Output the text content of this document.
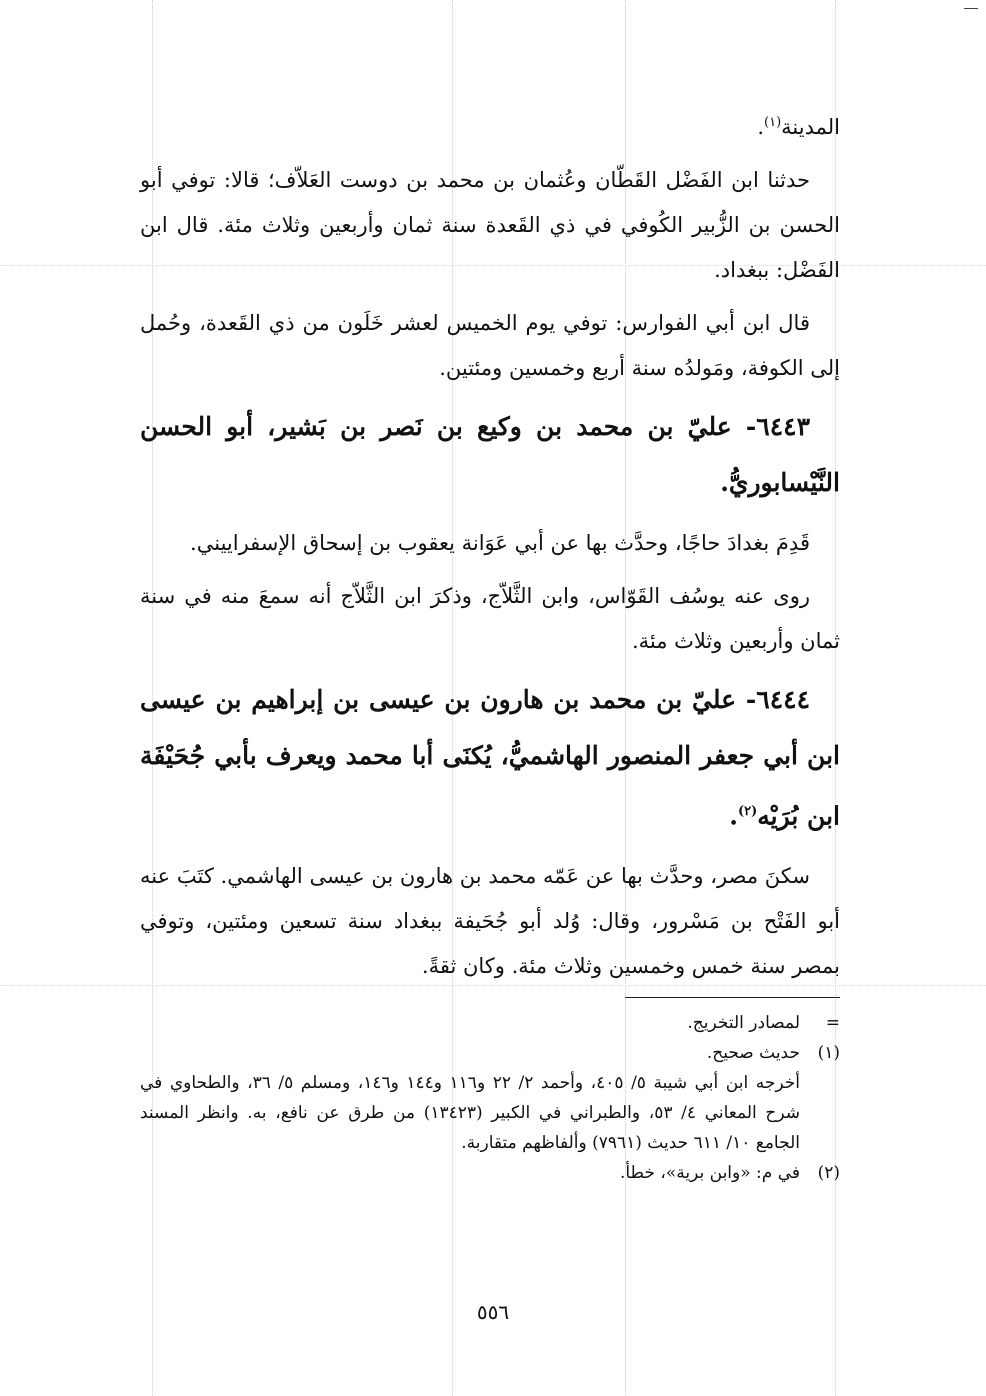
المدينة$^{(١)}$.

حدثنا ابن الفَضْل القَطّان وعُثمان بن محمد بن دوست العَلاّف؛ قالا: توفي أبو الحسن بن الزُّبير الكُوفي في ذي القَعدة سنة ثمان وأربعين وثلاث مئة. قال ابن الفَضْل: ببغداد.

قال ابن أبي الفوارس: توفي يوم الخميس لعشر خَلَون من ذي القَعدة، وحُمل إلى الكوفة، ومَولدُه سنة أربع وخمسين ومئتين.

٦٤٤٣- عليّ بن محمد بن وكيع بن نَصر بن بَشير، أبو الحسن النَّيْسابوريُّ.

قَدِمَ بغدادَ حاجًا، وحدَّث بها عن أبي عَوَانة يعقوب بن إسحاق الإسفراييني.

روى عنه يوسُف القَوّاس، وابن الثَّلاّج، وذكرَ ابن الثَّلاّج أنه سمعَ منه في سنة ثمان وأربعين وثلاث مئة.

٦٤٤٤- عليّ بن محمد بن هارون بن عيسى بن إبراهيم بن عيسى ابن أبي جعفر المنصور الهاشميُّ، يُكنَى أبا محمد ويعرف بأبي جُحَيْفَة ابن بُرَيْه$^{(٢)}$.

سكنَ مصر، وحدَّث بها عن عَمّه محمد بن هارون بن عيسى الهاشمي. كتَبَ عنه أبو الفَتْح بن مَسْرور، وقال: وُلد أبو جُحَيفة ببغداد سنة تسعين ومئتين، وتوفي بمصر سنة خمس وخمسين وثلاث مئة. وكان ثقةً.

=
لمصادر التخريج.
(١)
حديث صحيح.

أخرجه ابن أبي شيبة ٥/ ٤٠٥، وأحمد ٢/ ٢٢ و١١٦ و١٤٤ و١٤٦، ومسلم ٥/ ٣٦، والطحاوي في شرح المعاني ٤/ ٥٣، والطبراني في الكبير (١٣٤٢٣) من طرق عن نافع، به. وانظر المسند الجامع ١٠/ ٦١١ حديث (٧٩٦١) وألفاظهم متقاربة.

(٢)
في م: «وابن برية»، خطأ.
٥٥٦
